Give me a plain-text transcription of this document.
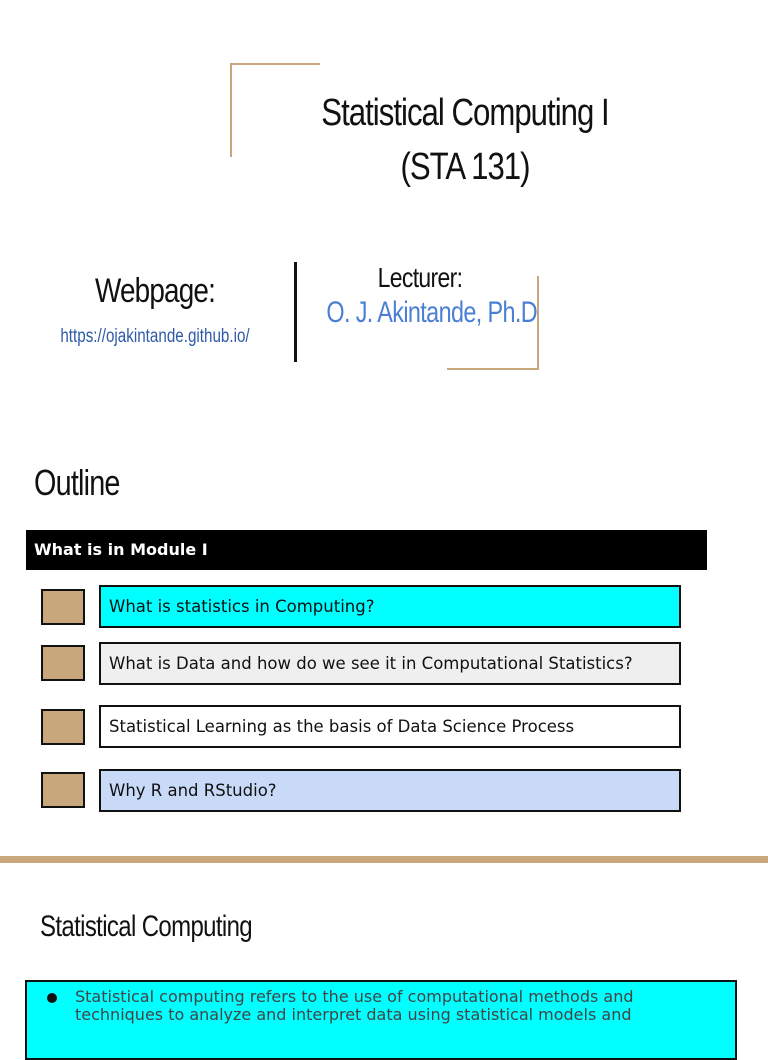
Statistical Computing I
(STA 131)
Webpage:
https://ojakintande.github.io/
Lecturer:
O. J. Akintande, Ph.D
Outline
What is in Module I
What is statistics in Computing?
What is Data and how do we see it in Computational Statistics?
Statistical Learning as the basis of Data Science Process
Why R and RStudio?
Statistical Computing
Statistical computing refers to the use of computational methods and techniques to analyze and interpret data using statistical models and
